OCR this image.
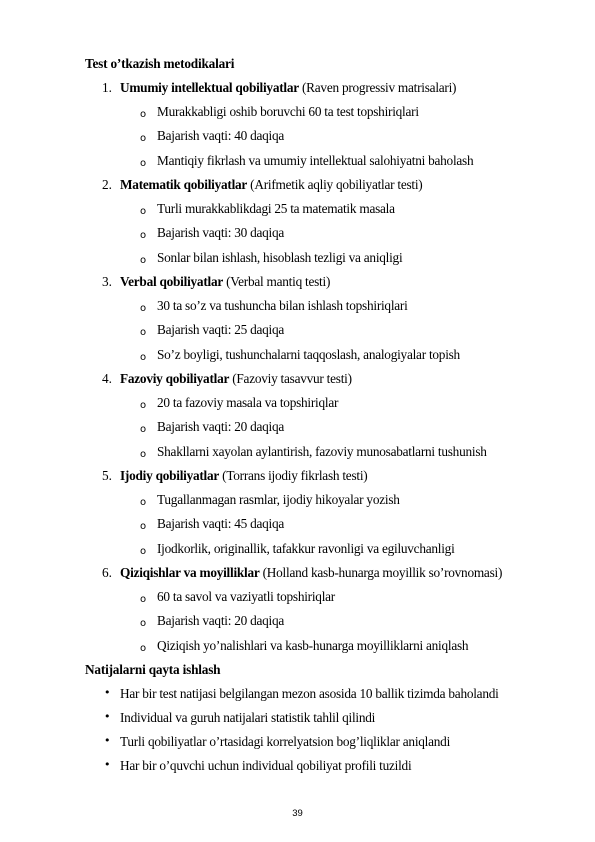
Test o’tkazish metodikalari
1. Umumiy intellektual qobiliyatlar (Raven progressiv matrisalari)
o Murakkabligi oshib boruvchi 60 ta test topshiriqlari
o Bajarish vaqti: 40 daqiqa
o Mantiqiy fikrlash va umumiy intellektual salohiyatni baholash
2. Matematik qobiliyatlar (Arifmetik aqliy qobiliyatlar testi)
o Turli murakkablikdagi 25 ta matematik masala
o Bajarish vaqti: 30 daqiqa
o Sonlar bilan ishlash, hisoblash tezligi va aniqligi
3. Verbal qobiliyatlar (Verbal mantiq testi)
o 30 ta so’z va tushuncha bilan ishlash topshiriqlari
o Bajarish vaqti: 25 daqiqa
o So’z boyligi, tushunchalarni taqqoslash, analogiyalar topish
4. Fazoviy qobiliyatlar (Fazoviy tasavvur testi)
o 20 ta fazoviy masala va topshiriqlar
o Bajarish vaqti: 20 daqiqa
o Shakllarni xayolan aylantirish, fazoviy munosabatlarni tushunish
5. Ijodiy qobiliyatlar (Torrans ijodiy fikrlash testi)
o Tugallanmagan rasmlar, ijodiy hikoyalar yozish
o Bajarish vaqti: 45 daqiqa
o Ijodkorlik, originallik, tafakkur ravonligi va egiluvchanligi
6. Qiziqishlar va moyilliklar (Holland kasb-hunarga moyillik so’rovnomasi)
o 60 ta savol va vaziyatli topshiriqlar
o Bajarish vaqti: 20 daqiqa
o Qiziqish yo’nalishlari va kasb-hunarga moyilliklarni aniqlash
Natijalarni qayta ishlash
• Har bir test natijasi belgilangan mezon asosida 10 ballik tizimda baholandi
• Individual va guruh natijalari statistik tahlil qilindi
• Turli qobiliyatlar o’rtasidagi korrelyatsion bog’liqliklar aniqlandi
• Har bir o’quvchi uchun individual qobiliyat profili tuzildi
39
